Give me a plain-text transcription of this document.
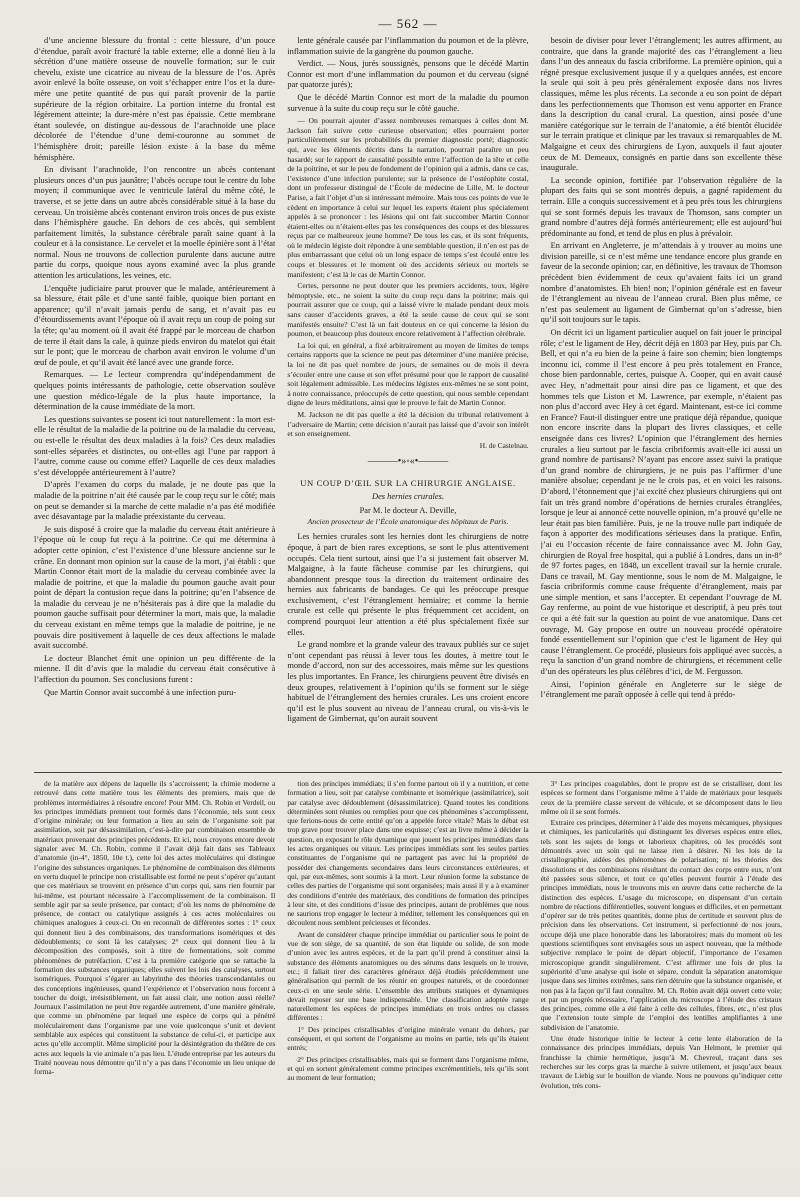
— 562 —

d’une ancienne blessure du frontal : cette blessure, d’un pouce d’étendue, paraît avoir fracturé la table externe; elle a donné lieu à la sécrétion d’une matière osseuse de nouvelle formation; sur le cuir chevelu, existe une cicatrice au niveau de la blessure de l’os. Après avoir enlevé la boîte osseuse, on voit s’échapper entre l’os et la dure-mère une petite quantité de pus qui paraît provenir de la partie supérieure de la région orbitaire. La portion interne du frontal est légèrement atteinte; la dure-mère n’est pas épaissie. Cette membrane étant soulevée, on distingue au-dessous de l’arachnoïde une place décolorée de l’étendue d’une demi-couronne au sommet de l’hémisphère droit; pareille lésion existe à la base du même hémisphère.

En divisant l’arachnoïde, l’on rencontre un abcès contenant plusieurs onces d’un pus jaunâtre; l’abcès occupe tout le centre du lobe moyen; il communique avec le ventricule latéral du même côté, le traverse, et se jette dans un autre abcès considérable situé à la base du cerveau. Un troisième abcès contenant environ trois onces de pus existe dans l’hémisphère gauche. En dehors de ces abcès, qui semblent parfaitement limités, la substance cérébrale paraît saine quant à la couleur et à la consistance. Le cervelet et la moelle épinière sont à l’état normal. Nous ne trouvons de collection purulente dans aucune autre partie du corps, quoique nous ayons examiné avec la plus grande attention les articulations, les veines, etc.

L’enquête judiciaire parut prouver que le malade, antérieurement à sa blessure, était pâle et d’une santé faible, quoique bien portant en apparence; qu’il n’avait jamais perdu de sang, et n’avait pas eu d’étourdissements avant l’époque où il avait reçu un coup de poing sur la tête; qu’au moment où il avait été frappé par le morceau de charbon de terre il était dans la cale, à quinze pieds environ du matelot qui était sur le pont; que le morceau de charbon avait environ le volume d’un œuf de poule, et qu’il avait été lancé avec une grande force.

Remarques. — Le lecteur comprendra qu’indépendamment de quelques points intéressants de pathologie, cette observation soulève une question médico-légale de la plus haute importance, la détermination de la cause immédiate de la mort.

Les questions suivantes se posent ici tout naturellement : la mort est-elle le résultat de la maladie de la poitrine ou de la maladie du cerveau, ou est-elle le résultat des deux maladies à la fois? Ces deux maladies sont-elles séparées et distinctes, ou ont-elles agi l’une par rapport à l’autre, comme cause ou comme effet? Laquelle de ces deux maladies s’est développée antérieurement à l’autre?

D’après l’examen du corps du malade, je ne doute pas que la maladie de la poitrine n’ait été causée par le coup reçu sur le côté; mais on peut se demander si la marche de cette maladie n’a pas été modifiée avec désavantage par la maladie préexistante du cerveau.

Je suis disposé à croire que la maladie du cerveau était antérieure à l’époque où le coup fut reçu à la poitrine. Ce qui me détermina à adopter cette opinion, c’est l’existence d’une blessure ancienne sur le crâne. En donnant mon opinion sur la cause de la mort, j’ai établi : que Martin Connor était mort de la maladie du cerveau combinée avec la maladie de poitrine, et que la maladie du poumon gauche avait pour point de départ la contusion reçue dans la poitrine; qu’en l’absence de la maladie du cerveau je ne n’hésiterais pas à dire que la maladie du poumon gauche suffisait pour déterminer la mort, mais que, la maladie du cerveau existant en même temps que la maladie de poitrine, je ne pouvais dire positivement à laquelle de ces deux affections le malade avait succombé.

Le docteur Blanchet émit une opinion un peu différente de la mienne. Il dit d’avis que la maladie du cerveau était consécutive à l’affection du poumon. Ses conclusions furent :

Que Martin Connor avait succombé à une infection puru-

lente générale causée par l’inflammation du poumon et de la plèvre, inflammation suivie de la gangrène du poumon gauche.

Verdict. — Nous, jurés soussignés, pensons que le décédé Martin Connor est mort d’une inflammation du poumon et du cerveau (signé par quatorze jurés);

Que le décédé Martin Connor est mort de la maladie du poumon survenue à la suite du coup reçu sur le côté gauche.

— On pourrait ajouter d’assez nombreuses remarques à celles dont M. Jackson fait suivre cette curieuse observation; elles pourraient porter particulièrement sur les probabilités du premier diagnostic porté; diagnostic qui, avec les éléments décrits dans la narration, pourrait paraître un peu hasardé; sur le rapport de causalité possible entre l’affection de la tête et celle de la poitrine, et sur le peu de fondement de l’opinion qui a admis, dans ce cas, l’existence d’une infection purulente; sur la présence de l’ostéophite costal, dont un professeur distingué de l’École de médecine de Lille, M. le docteur Parise, a fait l’objet d’un si intéressant mémoire. Mais tous ces points de vue le cèdent en importance à celui sur lequel les experts étaient plus spécialement appelés à se prononcer : les lésions qui ont fait succomber Martin Connor étaient-elles ou n’étaient-elles pas les conséquences des coups et des blessures reçus par ce malheureux jeune homme? De tous les cas, et ils sont fréquents, où le médecin légiste doit répondre à une semblable question, il n’en est pas de plus embarrassant que celui où un long espace de temps s’est écoulé entre les coups et blessures et le moment où des accidents sérieux ou mortels se manifestent; c’est là le cas de Martin Connor.

Certes, personne ne peut douter que les premiers accidents, toux, légère hémoptysie, etc., ne soient la suite du coup reçu dans la poitrine; mais qui pourrait assurer que ce coup, qui a laissé vivre le malade pendant deux mois sans causer d’accidents graves, a été la seule cause de ceux qui se sont manifestés ensuite? C’est là un fait douteux en ce qui concerne la lésion du poumon, et beaucoup plus douteux encore relativement à l’affection cérébrale.

La loi qui, en général, a fixé arbitrairement au moyen de limites de temps certains rapports que la science ne peut pas déterminer d’une manière précise, la loi ne dit pas quel nombre de jours, de semaines ou de mois il devra s’écouler entre une cause et son effet présumé pour que le rapport de causalité soit légalement admissible. Les médecins légistes eux-mêmes ne se sont point, à notre connaissance, préoccupés de cette question, qui nous semble cependant digne de leurs méditations, ainsi que le prouve le fait de Martin Connor.

M. Jackson ne dit pas quelle a été la décision du tribunal relativement à l’adversaire de Martin; cette décision n’aurait pas laissé que d’avoir son intérêt et son enseignement.

H. de Castelnau.
———•»◦«•———
UN COUP D’ŒIL SUR LA CHIRURGIE ANGLAISE.
Des hernies crurales.
Par M. le docteur A. Deville,
Ancien prosecteur de l’École anatomique des hôpitaux de Paris.

Les hernies crurales sont les hernies dont les chirurgiens de notre époque, à part de bien rares exceptions, se sont le plus attentivement occupés. Cela tient surtout, ainsi que l’a si justement fait observer M. Malgaigne, à la faute fâcheuse commise par les chirurgiens, qui abandonnent presque tous la direction du traitement ordinaire des hernies aux fabricants de bandages. Ce qui les préoccupe presque exclusivement, c’est l’étranglement herniaire; et comme la hernie crurale est celle qui présente le plus fréquemment cet accident, on comprend pourquoi leur attention a été plus spécialement fixée sur elles.

Le grand nombre et la grande valeur des travaux publiés sur ce sujet n’ont cependant pas réussi à lever tous les doutes, à mettre tout le monde d’accord, non sur des accessoires, mais même sur les questions les plus importantes. En France, les chirurgiens peuvent être divisés en deux groupes, relativement à l’opinion qu’ils se forment sur le siège habituel de l’étranglement des hernies crurales. Les uns croient encore qu’il est le plus souvent au niveau de l’anneau crural, ou vis-à-vis le ligament de Gimbernat, qu’on aurait souvent

besoin de diviser pour lever l’étranglement; les autres affirment, au contraire, que dans la grande majorité des cas l’étranglement a lieu dans l’un des anneaux du fascia cribriforme. La première opinion, qui a régné presque exclusivement jusque il y a quelques années, est encore la seule qui soit à peu près généralement exposée dans nos livres classiques, même les plus récents. La seconde a eu son point de départ dans les perfectionnements que Thomson est venu apporter en France dans la description du canal crural. La question, ainsi posée d’une manière catégorique sur le terrain de l’anatomie, a été bientôt élucidée sur le terrain pratique et clinique par les travaux si remarquables de M. Malgaigne et ceux des chirurgiens de Lyon, auxquels il faut ajouter ceux de M. Demeaux, consignés en partie dans son excellente thèse inaugurale.

La seconde opinion, fortifiée par l’observation régulière de la plupart des faits qui se sont montrés depuis, a gagné rapidement du terrain. Elle a conquis successivement et à peu près tous les chirurgiens qui se sont formés depuis les travaux de Thomson, sans compter un grand nombre d’autres déjà formés antérieurement; elle est aujourd’hui prédominante au fond, et tend de plus en plus à prévaloir.

En arrivant en Angleterre, je m’attendais à y trouver au moins une division pareille, si ce n’est même une tendance encore plus grande en faveur de la seconde opinion; car, en définitive, les travaux de Thomson précèdent bien évidemment de ceux qu’avaient faits ici un grand nombre d’anatomistes. Eh bien! non; l’opinion générale est en faveur de l’étranglement au niveau de l’anneau crural. Bien plus même, ce n’est pas seulement au ligament de Gimbernat qu’on s’adresse, bien qu’il soit toujours sur le tapis.

On décrit ici un ligament particulier auquel on fait jouer le principal rôle; c’est le ligament de Hey, décrit déjà en 1803 par Hey, puis par Ch. Bell, et qui n’a eu bien de la peine à faire son chemin; bien longtemps inconnu ici, comme il l’est encore à peu près totalement en France, chose bien pardonnable, certes, puisque A. Cooper, qui en avait causé avec Hey, n’admettait pour ainsi dire pas ce ligament, et que des hommes tels que Liston et M. Lawrence, par exemple, n’étaient pas non plus d’accord avec Hey à cet égard. Maintenant, est-ce ici comme en France? Faut-il distinguer entre une pratique déjà répandue, quoique non encore inscrite dans la plupart des livres classiques, et celle enseignée dans ces livres? L’opinion que l’étranglement des hernies crurales a lieu surtout par le fascia cribriformis avait-elle ici aussi un grand nombre de partisans? N’ayant pas encore assez suivi la pratique d’un grand nombre de chirurgiens, je ne puis pas l’affirmer d’une manière absolue; cependant je ne le crois pas, et en voici les raisons. D’abord, l’étonnement que j’ai excité chez plusieurs chirurgiens qui ont fait un très grand nombre d’opérations de hernies crurales étranglées, lorsque je leur ai annoncé cette nouvelle opinion, m’a prouvé qu’elle ne leur était pas bien familière. Puis, je ne la trouve nulle part indiquée de façon à apporter des modifications sérieuses dans la pratique. Enfin, j’ai eu l’occasion récente de faire connaissance avec M. John Gay, chirurgien de Royal free hospital, qui a publié à Londres, dans un in-8° de 97 fortes pages, en 1848, un excellent travail sur la hernie crurale. Dans ce travail, M. Gay mentionne, sous le nom de M. Malgaigne, le fascia cribriformis comme cause fréquente d’étranglement, mais par une simple mention, et sans l’accepter. Et cependant l’ouvrage de M. Gay renferme, au point de vue historique et descriptif, à peu près tout ce qui a été fait sur la question au point de vue anatomique. Dans cet ouvrage, M. Gay propose en outre un nouveau procédé opératoire fondé essentiellement sur l’opinion que c’est le ligament de Hey qui cause l’étranglement. Ce procédé, plusieurs fois appliqué avec succès, a reçu la sanction d’un grand nombre de chirurgiens, et récemment celle d’un des opérateurs les plus célèbres d’ici, de M. Fergusson.

Ainsi, l’opinion générale en Angleterre sur le siège de l’étranglement me paraît opposée à celle qui tend à prédo-

de la matière aux dépens de laquelle ils s’accroissent; la chimie moderne a retrouvé dans cette matière tous les éléments des premiers, mais que de problèmes intermédiaires à résoudre encore! Pour MM. Ch. Robin et Verdeil, ou les principes immédiats prennent tout formés dans l’économie, tels sont ceux d’origine minérale; ou leur formation a lieu au sein de l’organisme soit par assimilation, soit par désassimilation, c’est-à-dire par combinaison ensemble de matériaux provenant des principes précédents. Et ici, nous croyons encore devoir signaler avec M. Ch. Robin, comme il l’avait déjà fait dans ses Tableaux d’anatomie (in-4°, 1850, 10e t.), cette loi des actes moléculaires qui distingue l’origine des substances organiques. Le phénomène de combinaison des éléments en vertu duquel le principe non cristallisable est formé ne peut s’opérer qu’autant que ces matériaux se trouvent en présence d’un corps qui, sans rien fournir par lui-même, est pourtant nécessaire à l’accomplissement de la combinaison. Il semble agir par sa seule présence, par contact; d’où les noms de phénomène de présence, de contact ou catalytique assignés à ces actes moléculaires ou chimiques analogues à ceux-ci. On en reconnaît de différentes sortes : 1° ceux qui donnent lieu à des combinaisons, des transformations isomériques et des dédoublements; ce sont là les catalyses; 2° ceux qui donnent lieu à la décomposition des composés, soit à titre de fermentations, soit comme phénomènes de putréfaction. C’est à la première catégorie que se rattache la formation des substances organiques; elles suivent les lois des catalyses, surtout isomériques. Pourquoi s’égarer au labyrinthe des théories transcendantales ou des conceptions ingénieuses, quand l’expérience et l’observation nous forcent à toucher du doigt, irrésistiblement, un fait aussi clair, une notion aussi réelle? Journaux l’assimilation ne peut être regardée autrement, d’une manière générale, que comme un phénomène par lequel une espèce de corps qui a pénétré moléculairement dans l’organisme par une voie quelconque s’unit et devient semblable aux espèces qui constituent la substance de celui-ci, et participe aux actes qu’elle accomplit. Même simplicité pour la désintégration du théâtre de ces actes aux lequels la vie animale n’a pas lieu. L’étude entreprise par les auteurs du Traité nouveau nous démontre qu’il n’y a pas dans l’économie un lieu unique de forma-

tion des principes immédiats; il s’en forme partout où il y a nutrition, et cette formation a lieu, soit par catalyse combinante et isomérique (assimilatrice), soit par catalyse avec dédoublement (désassimilatrice). Quand toutes les conditions déterminées sont réunies ou remplies pour que ces phénomènes s’accomplissent, que ferions-nous de cette entité qu’on a appelée force vitale? Mais le débat est trop grave pour trouver place dans une esquisse; c’est au livre même à décider la question, en exposant le rôle dynamique que jouent les principes immédiats dans les actes organiques ou vitaux. Les principes immédiats sont les seules parties constituantes de l’organisme qui ne partagent pas avec lui la propriété de posséder des changements secondaires dans leurs circonstances extérieures, et qui, par eux-mêmes, sont soumis à la mort. Leur réunion forme la substance de celles des parties de l’organisme qui sont organisées; mais aussi il y a à examiner des conditions d’entrée des matériaux, des conditions de formation des principes à leur site, et des conditions d’issue des principes, autant de problèmes que nous ne saurions trop engager le lecteur à méditer, tellement les conséquences qui en découlent nous semblent précieuses et fécondes.

Avant de considérer chaque principe immédiat ou particulier sous le point de vue de son siège, de sa quantité, de son état liquide ou solide, de son mode d’union avec les autres espèces, et de la part qu’il prend à constituer ainsi la substance des éléments anatomiques ou des sérums dans lesquels on le trouve, etc.; il faliait tirer des caractères généraux déjà étudiés précédemment une généralisation qui permît de les réunir en groupes naturels, et de coordonner ceux-ci en une seule série. L’ensemble des attributs statiques et dynamiques devait reposer sur une base indispensable. Une classification adoptée range naturellement les espèces de principes immédiats en trois ordres ou classes différentes :

1° Des principes cristallisables d’origine minérale venant du dehors, par conséquent, et qui sortent de l’organisme au moins en partie, tels qu’ils étaient entrés;

2° Des principes cristallisables, mais qui se forment dans l’organisme même, et qui en sortent généralement comme principes excrémentitiels, tels qu’ils sont au moment de leur formation;

3° Les principes coagulables, dont le propre est de se cristalliser, dont les espèces se forment dans l’organisme même à l’aide de matériaux pour lesquels ceux de la première classe servent de véhicule, et se décomposent dans le lieu même où il se sont formés.

Extraire ces principes, déterminer à l’aide des moyens mécaniques, physiques et chimiques, les particularités qui distinguent les diverses espèces entre elles, tels sont les sujets de longs et laborieux chapitres, où les procédés sont démontrés avec un soin qui ne laisse rien à désirer. Ni les lois de la cristallographie, aidées des phénomènes de polarisation; ni les théories des dissolutions et des combinaisons résultant du contact des corps entre eux, n’ont été passées sous silence, et tout ce qu’elles peuvent fournir à l’étude des principes immédiats, nous le trouvons mis en œuvre dans cette recherche de la distinction des espèces. L’usage du microscope, en dispensant d’un certain nombre de réactions différentielles, souvent longues et difficiles, et en permettant d’opérer sur de très petites quantités, donne plus de certitude et souvent plus de précision dans les observations. Cet instrument, si perfectionné de nos jours, occupe déjà une place honorable dans les laboratoires; mais du moment où les questions scientifiques sont envisagées sous un aspect nouveau, que la méthode subjective remplace le point de départ objectif, l’importance de l’examen microscopique grandit singulièrement. C’est affirmer une fois de plus la supériorité d’une analyse qui isole et sépare, conduit la séparation anatomique jusque dans ses limites extrêmes, sans rien détruire que la substance organisée, et non pas à la façon qu’il faut connaître. M. Ch. Robin avait déjà ouvert cette voie; et par un progrès nécessaire, l’application du microscope à l’étude des cristaux des principes, comme elle a été faite à celle des cellules, fibres, etc., n’est plus que l’extension toute simple de l’emploi des lentilles amplifiantes à une subdivision de l’anatomie.

Une étude historique initie le lecteur à cette lente élaboration de la connaissance des principes immédiats, depuis Van Helmont, le premier qui franchisse la chimie hermétique, jusqu’à M. Chevreul, traçant dans ses recherches sur les corps gras la marche à suivre utilement, et jusqu’aux beaux travaux de Liebig sur le bouillon de viande. Nous ne pouvons qu’indiquer cette évolution, très cons-
